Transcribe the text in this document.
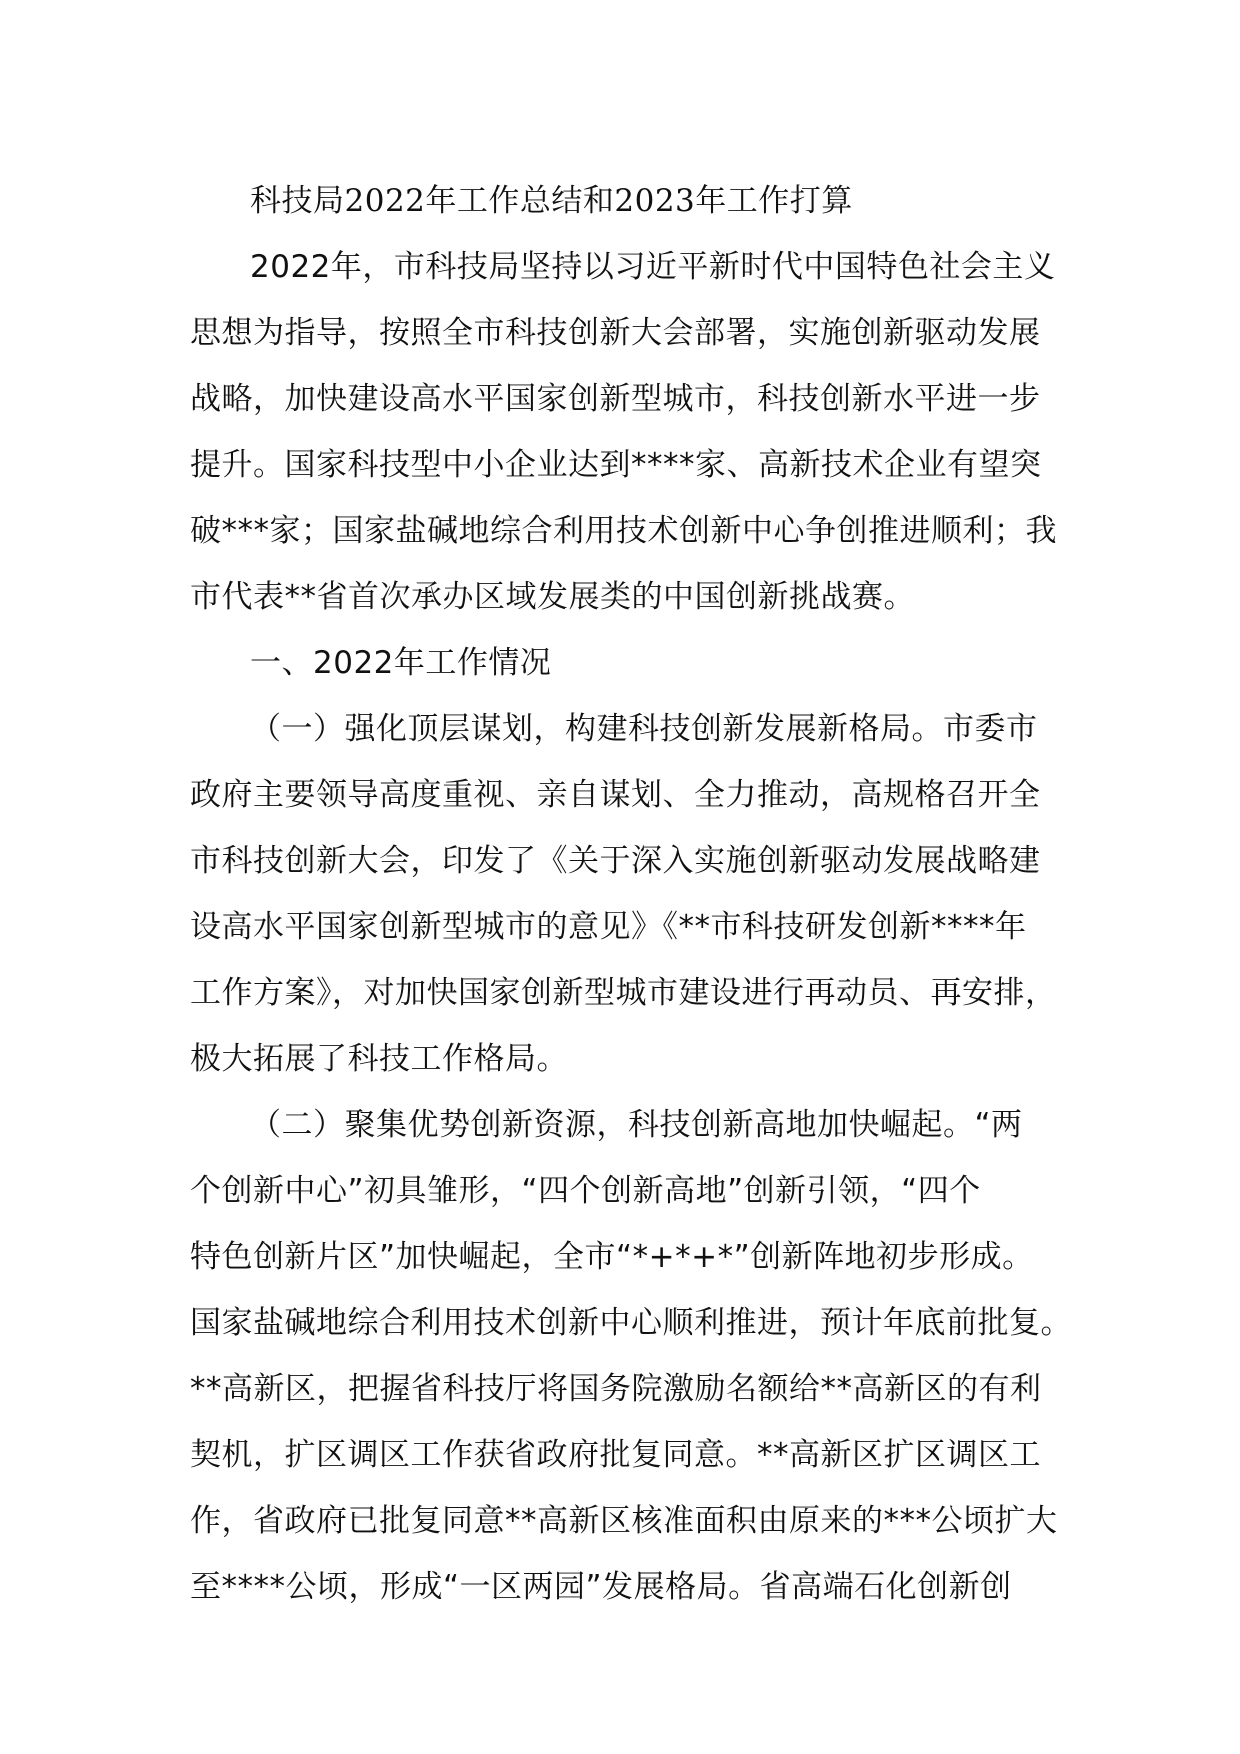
科技局2022年工作总结和2023年工作打算
2022年，市科技局坚持以习近平新时代中国特色社会主义
思想为指导，按照全市科技创新大会部署，实施创新驱动发展
战略，加快建设高水平国家创新型城市，科技创新水平进一步
提升。国家科技型中小企业达到****家、高新技术企业有望突
破***家；国家盐碱地综合利用技术创新中心争创推进顺利；我
市代表**省首次承办区域发展类的中国创新挑战赛。
一、2022年工作情况
（一）强化顶层谋划，构建科技创新发展新格局。市委市
政府主要领导高度重视、亲自谋划、全力推动，高规格召开全
市科技创新大会，印发了《关于深入实施创新驱动发展战略建
设高水平国家创新型城市的意见》《**市科技研发创新****年
工作方案》，对加快国家创新型城市建设进行再动员、再安排，
极大拓展了科技工作格局。
（二）聚集优势创新资源，科技创新高地加快崛起。“两
个创新中心”初具雏形，“四个创新高地”创新引领，“四个
特色创新片区”加快崛起，全市“*+*+*”创新阵地初步形成。
国家盐碱地综合利用技术创新中心顺利推进，预计年底前批复。
**高新区，把握省科技厅将国务院激励名额给**高新区的有利
契机，扩区调区工作获省政府批复同意。**高新区扩区调区工
作，省政府已批复同意**高新区核准面积由原来的***公顷扩大
至****公顷，形成“一区两园”发展格局。省高端石化创新创
